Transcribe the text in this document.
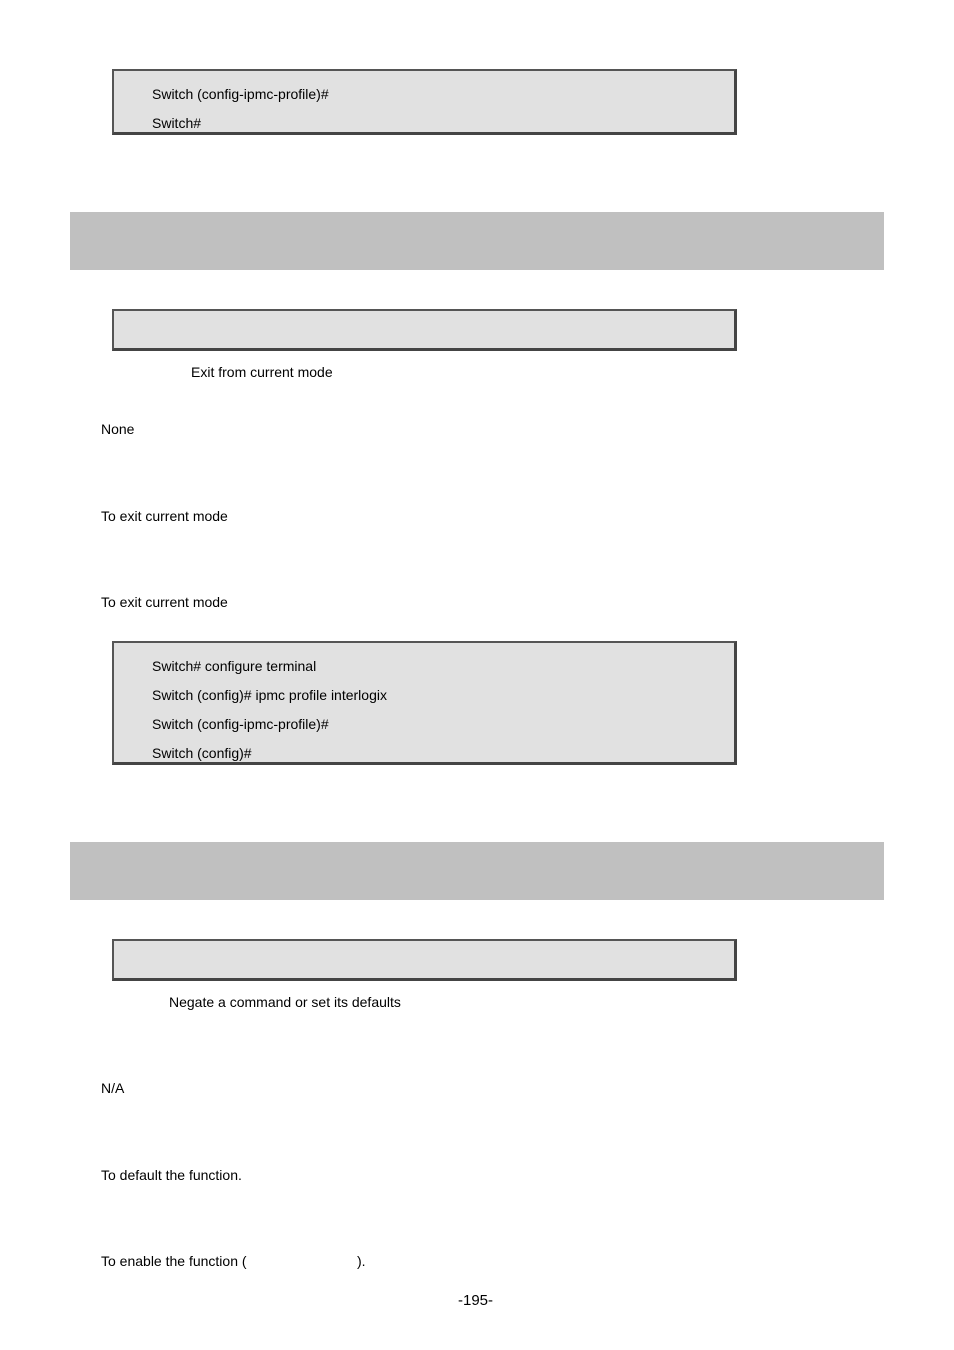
Switch (config-ipmc-profile)#
Switch#
Exit from current mode
None
To exit current mode
To exit current mode
Switch# configure terminal
Switch (config)# ipmc profile interlogix
Switch (config-ipmc-profile)#
Switch (config)#
Negate a command or set its defaults
N/A
To default the function.
To enable the function (	).
-195-
